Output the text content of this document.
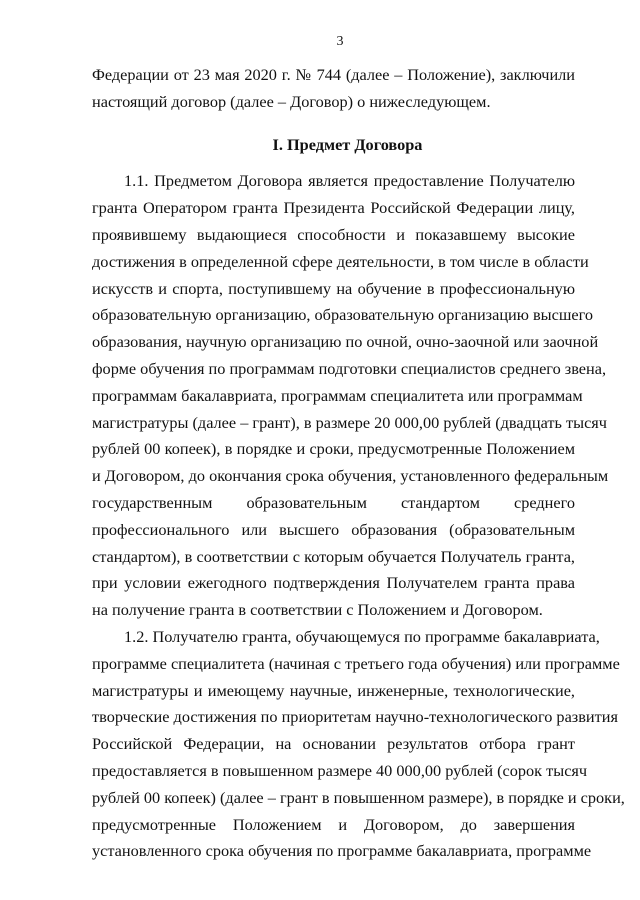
3
Федерации от 23 мая 2020 г. № 744 (далее – Положение), заключили
настоящий договор (далее – Договор) о нижеследующем.
I. Предмет Договора
1.1. Предметом Договора является предоставление Получателю
гранта Оператором гранта Президента Российской Федерации лицу,
проявившему выдающиеся способности и показавшему высокие
достижения в определенной сфере деятельности, в том числе в области
искусств и спорта, поступившему на обучение в профессиональную
образовательную организацию, образовательную организацию высшего
образования, научную организацию по очной, очно-заочной или заочной
форме обучения по программам подготовки специалистов среднего звена,
программам бакалавриата, программам специалитета или программам
магистратуры (далее – грант), в размере 20 000,00 рублей (двадцать тысяч
рублей 00 копеек), в порядке и сроки, предусмотренные Положением
и Договором, до окончания срока обучения, установленного федеральным
государственным образовательным стандартом среднего
профессионального или высшего образования (образовательным
стандартом), в соответствии с которым обучается Получатель гранта,
при условии ежегодного подтверждения Получателем гранта права
на получение гранта в соответствии с Положением и Договором.
1.2. Получателю гранта, обучающемуся по программе бакалавриата,
программе специалитета (начиная с третьего года обучения) или программе
магистратуры и имеющему научные, инженерные, технологические,
творческие достижения по приоритетам научно-технологического развития
Российской Федерации, на основании результатов отбора грант
предоставляется в повышенном размере 40 000,00 рублей (сорок тысяч
рублей 00 копеек) (далее – грант в повышенном размере), в порядке и сроки,
предусмотренные Положением и Договором, до завершения
установленного срока обучения по программе бакалавриата, программе
